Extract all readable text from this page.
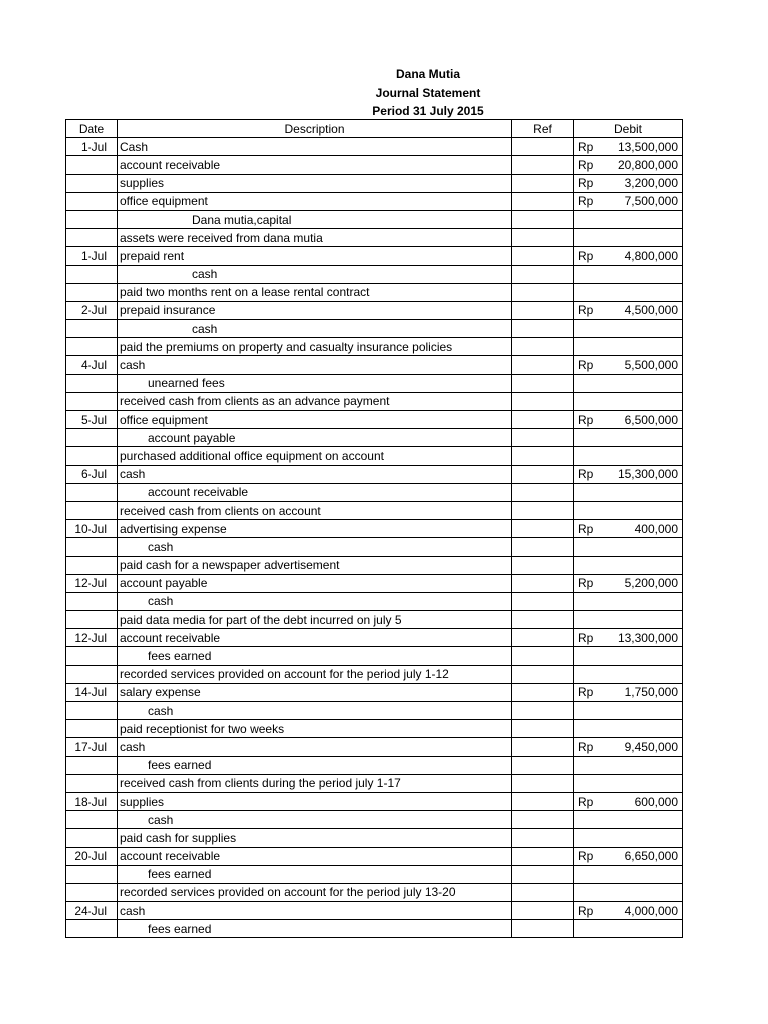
Dana Mutia
Journal Statement
Period 31 July 2015
Date	Description	Ref	Debit
1-Jul	Cash		Rp 13,500,000

	account receivable		Rp 20,800,000

	supplies		Rp 3,200,000

	office equipment		Rp 7,500,000

	Dana mutia,capital		

	assets were received from dana mutia		

1-Jul	prepaid rent		Rp 4,800,000

	cash		

	paid two months rent on a lease rental contract		

2-Jul	prepaid insurance		Rp 4,500,000

	cash		

	paid the premiums on property and casualty insurance policies		

4-Jul	cash		Rp 5,500,000

	unearned fees		

	received cash from clients as an advance payment		

5-Jul	office equipment		Rp 6,500,000

	account payable		

	purchased additional office equipment on account		

6-Jul	cash		Rp 15,300,000

	account receivable		

	received cash from clients on account		

10-Jul	advertising expense		Rp 400,000

	cash		

	paid cash for a newspaper advertisement		

12-Jul	account payable		Rp 5,200,000

	cash		

	paid data media for part of the debt incurred on july 5		

12-Jul	account receivable		Rp 13,300,000

	fees earned		

	recorded services provided on account for the period july 1-12		

14-Jul	salary expense		Rp 1,750,000

	cash		

	paid receptionist for two weeks		

17-Jul	cash		Rp 9,450,000

	fees earned		

	received cash from clients during the period july 1-17		

18-Jul	supplies		Rp 600,000

	cash		

	paid cash for supplies		

20-Jul	account receivable		Rp 6,650,000

	fees earned		

	recorded services provided on account for the period july 13-20		

24-Jul	cash		Rp 4,000,000

	fees earned		
